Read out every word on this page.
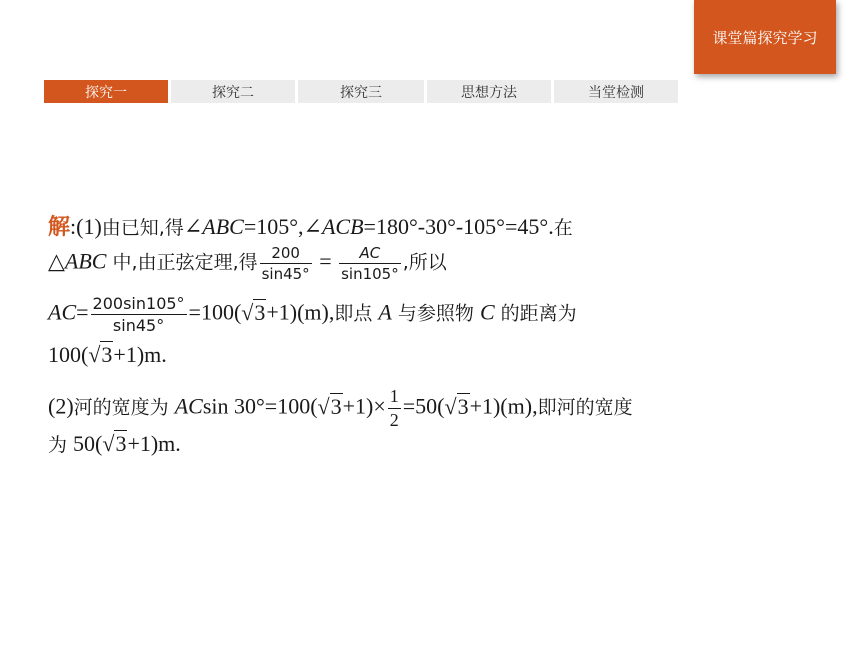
课堂篇探究学习
探究一	探究二	探究三	思想方法	当堂检测
解:(1)由已知,得∠ABC=105°,∠ACB=180°-30°-105°=45°.在
△ABC 中,由正弦定理,得 $\frac{200}{\sin 45^\circ} = \frac{AC}{\sin 105^\circ}$ ,所以
$AC= \frac{200\sin 105^\circ}{\sin 45^\circ} =100(√3+1)(m)$,即点 A 与参照物 C 的距离为
100(√3+1)m.
(2)河的宽度为 ACsin $30^\circ=100(√3+1)\times \frac{1}{2} =50(√3+1)(m)$,即河的宽度
为 50(√3+1)m.
